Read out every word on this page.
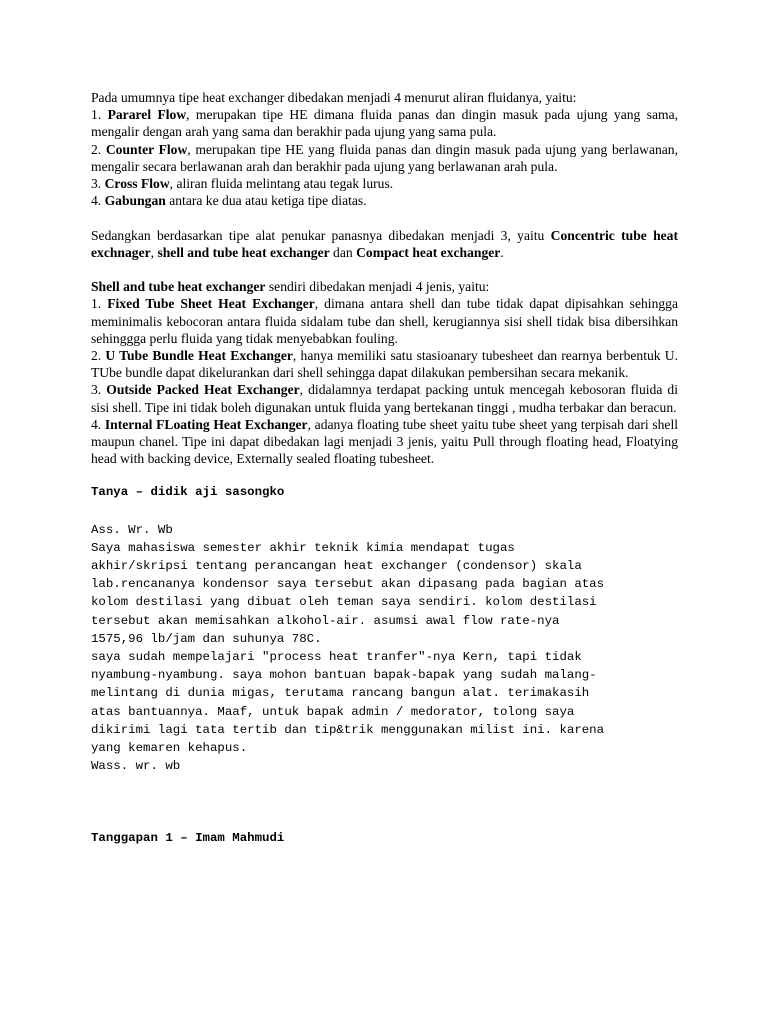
Pada umumnya tipe heat exchanger dibedakan menjadi 4 menurut aliran fluidanya, yaitu:

1. Pararel Flow, merupakan tipe HE dimana fluida panas dan dingin masuk pada ujung yang sama, mengalir dengan arah yang sama dan berakhir pada ujung yang sama pula.

2. Counter Flow, merupakan tipe HE yang fluida panas dan dingin masuk pada ujung yang berlawanan, mengalir secara berlawanan arah dan berakhir pada ujung yang berlawanan arah pula.

3. Cross Flow, aliran fluida melintang atau tegak lurus.

4. Gabungan antara ke dua atau ketiga tipe diatas.

Sedangkan berdasarkan tipe alat penukar panasnya dibedakan menjadi 3, yaitu Concentric tube heat exchnager, shell and tube heat exchanger dan Compact heat exchanger.

Shell and tube heat exchanger sendiri dibedakan menjadi 4 jenis, yaitu:

1. Fixed Tube Sheet Heat Exchanger, dimana antara shell dan tube tidak dapat dipisahkan sehingga meminimalis kebocoran antara fluida sidalam tube dan shell, kerugiannya sisi shell tidak bisa dibersihkan sehinggga perlu fluida yang tidak menyebabkan fouling.

2. U Tube Bundle Heat Exchanger, hanya memiliki satu stasioanary tubesheet dan rearnya berbentuk U. TUbe bundle dapat dikelurankan dari shell sehingga dapat dilakukan pembersihan secara mekanik.

3. Outside Packed Heat Exchanger, didalamnya terdapat packing untuk mencegah kebosoran fluida di sisi shell. Tipe ini tidak boleh digunakan untuk fluida yang bertekanan tinggi , mudha terbakar dan beracun.

4. Internal FLoating Heat Exchanger, adanya floating tube sheet yaitu tube sheet yang terpisah dari shell maupun chanel. Tipe ini dapat dibedakan lagi menjadi 3 jenis, yaitu Pull through floating head, Floatying head with backing device, Externally sealed floating tubesheet.

Tanya – didik aji sasongko
Ass. Wr. Wb
Saya mahasiswa semester akhir teknik kimia mendapat tugas
akhir/skripsi tentang perancangan heat exchanger (condensor) skala
lab.rencananya kondensor saya tersebut akan dipasang pada bagian atas
kolom destilasi yang dibuat oleh teman saya sendiri. kolom destilasi
tersebut akan memisahkan alkohol-air. asumsi awal flow rate-nya
1575,96 lb/jam dan suhunya 78C.
saya sudah mempelajari "process heat tranfer"-nya Kern, tapi tidak
nyambung-nyambung. saya mohon bantuan bapak-bapak yang sudah malang-
melintang di dunia migas, terutama rancang bangun alat. terimakasih
atas bantuannya. Maaf, untuk bapak admin / medorator, tolong saya
dikirimi lagi tata tertib dan tip&trik menggunakan milist ini. karena
yang kemaren kehapus.
Wass. wr. wb
Tanggapan 1 – Imam Mahmudi
